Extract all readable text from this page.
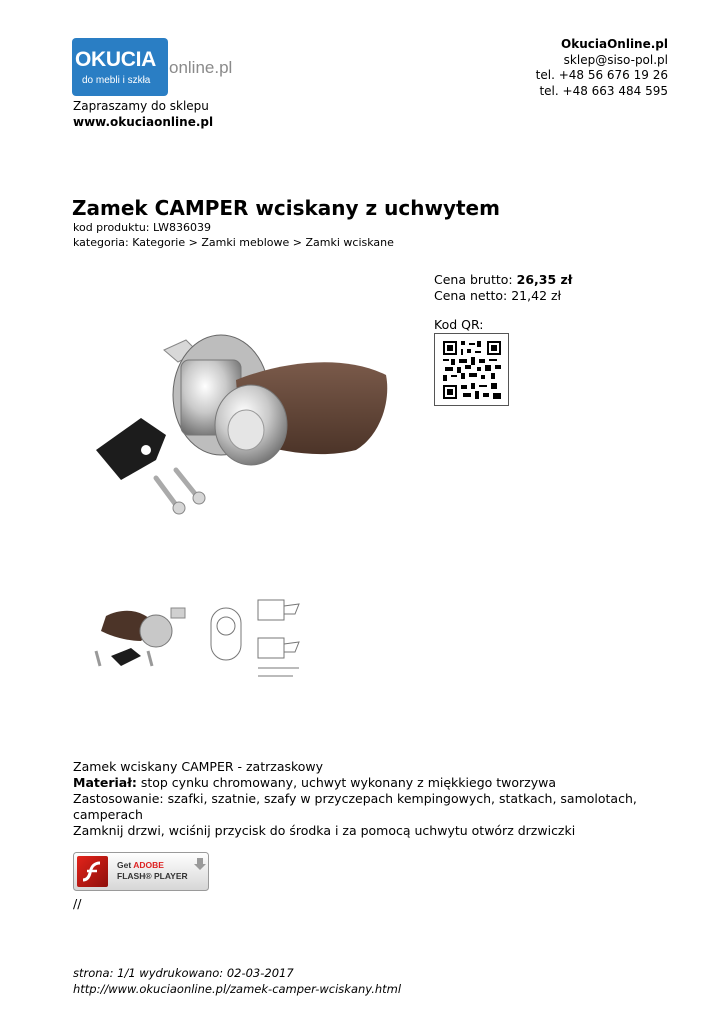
OKUCIA
do mebli i szkła
online.pl
Zapraszamy do sklepu
www.okuciaonline.pl
OkuciaOnline.pl
sklep@siso-pol.pl
tel. +48 56 676 19 26
tel. +48 663 484 595
Zamek CAMPER wciskany z uchwytem
kod produktu: LW836039
kategoria: Kategorie > Zamki meblowe > Zamki wciskane
Cena brutto: 26,35 zł
Cena netto: 21,42 zł
Kod QR:
Zamek wciskany CAMPER - zatrzaskowy
Materiał: stop cynku chromowany, uchwyt wykonany z miękkiego tworzywa
Zastosowanie: szafki, szatnie, szafy w przyczepach kempingowych, statkach, samolotach, camperach
Zamknij drzwi, wciśnij przycisk do środka i za pomocą uchwytu otwórz drzwiczki
Get ADOBE
FLASH® PLAYER
//
strona: 1/1 wydrukowano: 02-03-2017
http://www.okuciaonline.pl/zamek-camper-wciskany.html
